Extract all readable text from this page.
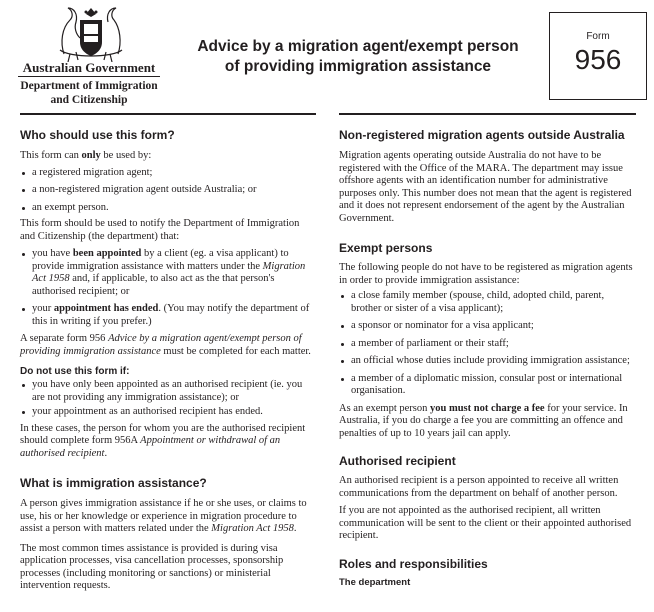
Australian Government
Department of Immigration and Citizenship
Advice by a migration agent/exempt person of providing immigration assistance
Form
956
Who should use this form?

This form can only be used by:

a registered migration agent;
a non-registered migration agent outside Australia; or
an exempt person.

This form should be used to notify the Department of Immigration and Citizenship (the department) that:

you have been appointed by a client (eg. a visa applicant) to provide immigration assistance with matters under the Migration Act 1958 and, if applicable, to also act as the that person's authorised recipient; or
your appointment has ended. (You may notify the department of this in writing if you prefer.)

A separate form 956 Advice by a migration agent/exempt person of providing immigration assistance must be completed for each matter.

Do not use this form if:
you have only been appointed as an authorised recipient (ie. you are not providing any immigration assistance); or
your appointment as an authorised recipient has ended.

In these cases, the person for whom you are the authorised recipient should complete form 956A Appointment or withdrawal of an authorised recipient.

What is immigration assistance?

A person gives immigration assistance if he or she uses, or claims to use, his or her knowledge or experience in migration procedure to assist a person with matters related under the Migration Act 1958.

The most common times assistance is provided is during visa application processes, visa cancellation processes, sponsorship processes (including monitoring or sanctions) or ministerial intervention requests.

Non-registered migration agents outside Australia

Migration agents operating outside Australia do not have to be registered with the Office of the MARA. The department may issue offshore agents with an identification number for administrative purposes only. This number does not mean that the agent is registered and it does not represent endorsement of the agent by the Australian Government.

Exempt persons

The following people do not have to be registered as migration agents in order to provide immigration assistance:

a close family member (spouse, child, adopted child, parent, brother or sister of a visa applicant);
a sponsor or nominator for a visa applicant;
a member of parliament or their staff;
an official whose duties include providing immigration assistance;
a member of a diplomatic mission, consular post or international organisation.

As an exempt person you must not charge a fee for your service. In Australia, if you do charge a fee you are committing an offence and penalties of up to 10 years jail can apply.

Authorised recipient

An authorised recipient is a person appointed to receive all written communications from the department on behalf of another person.

If you are not appointed as the authorised recipient, all written communication will be sent to the client or their appointed authorised recipient.

Roles and responsibilities
The department
